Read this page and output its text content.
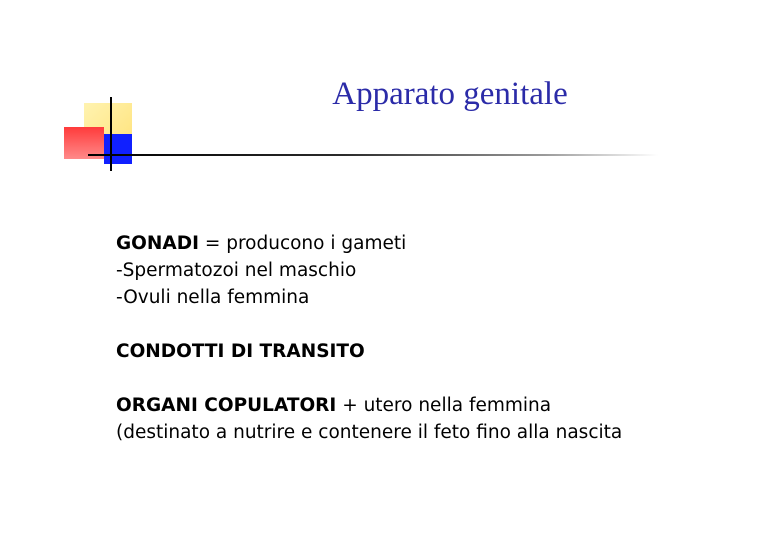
Apparato genitale

GONADI = producono i gameti

-Spermatozoi nel maschio

-Ovuli nella femmina

CONDOTTI DI TRANSITO

ORGANI COPULATORI + utero nella femmina

(destinato a nutrire e contenere il feto fino alla nascita
